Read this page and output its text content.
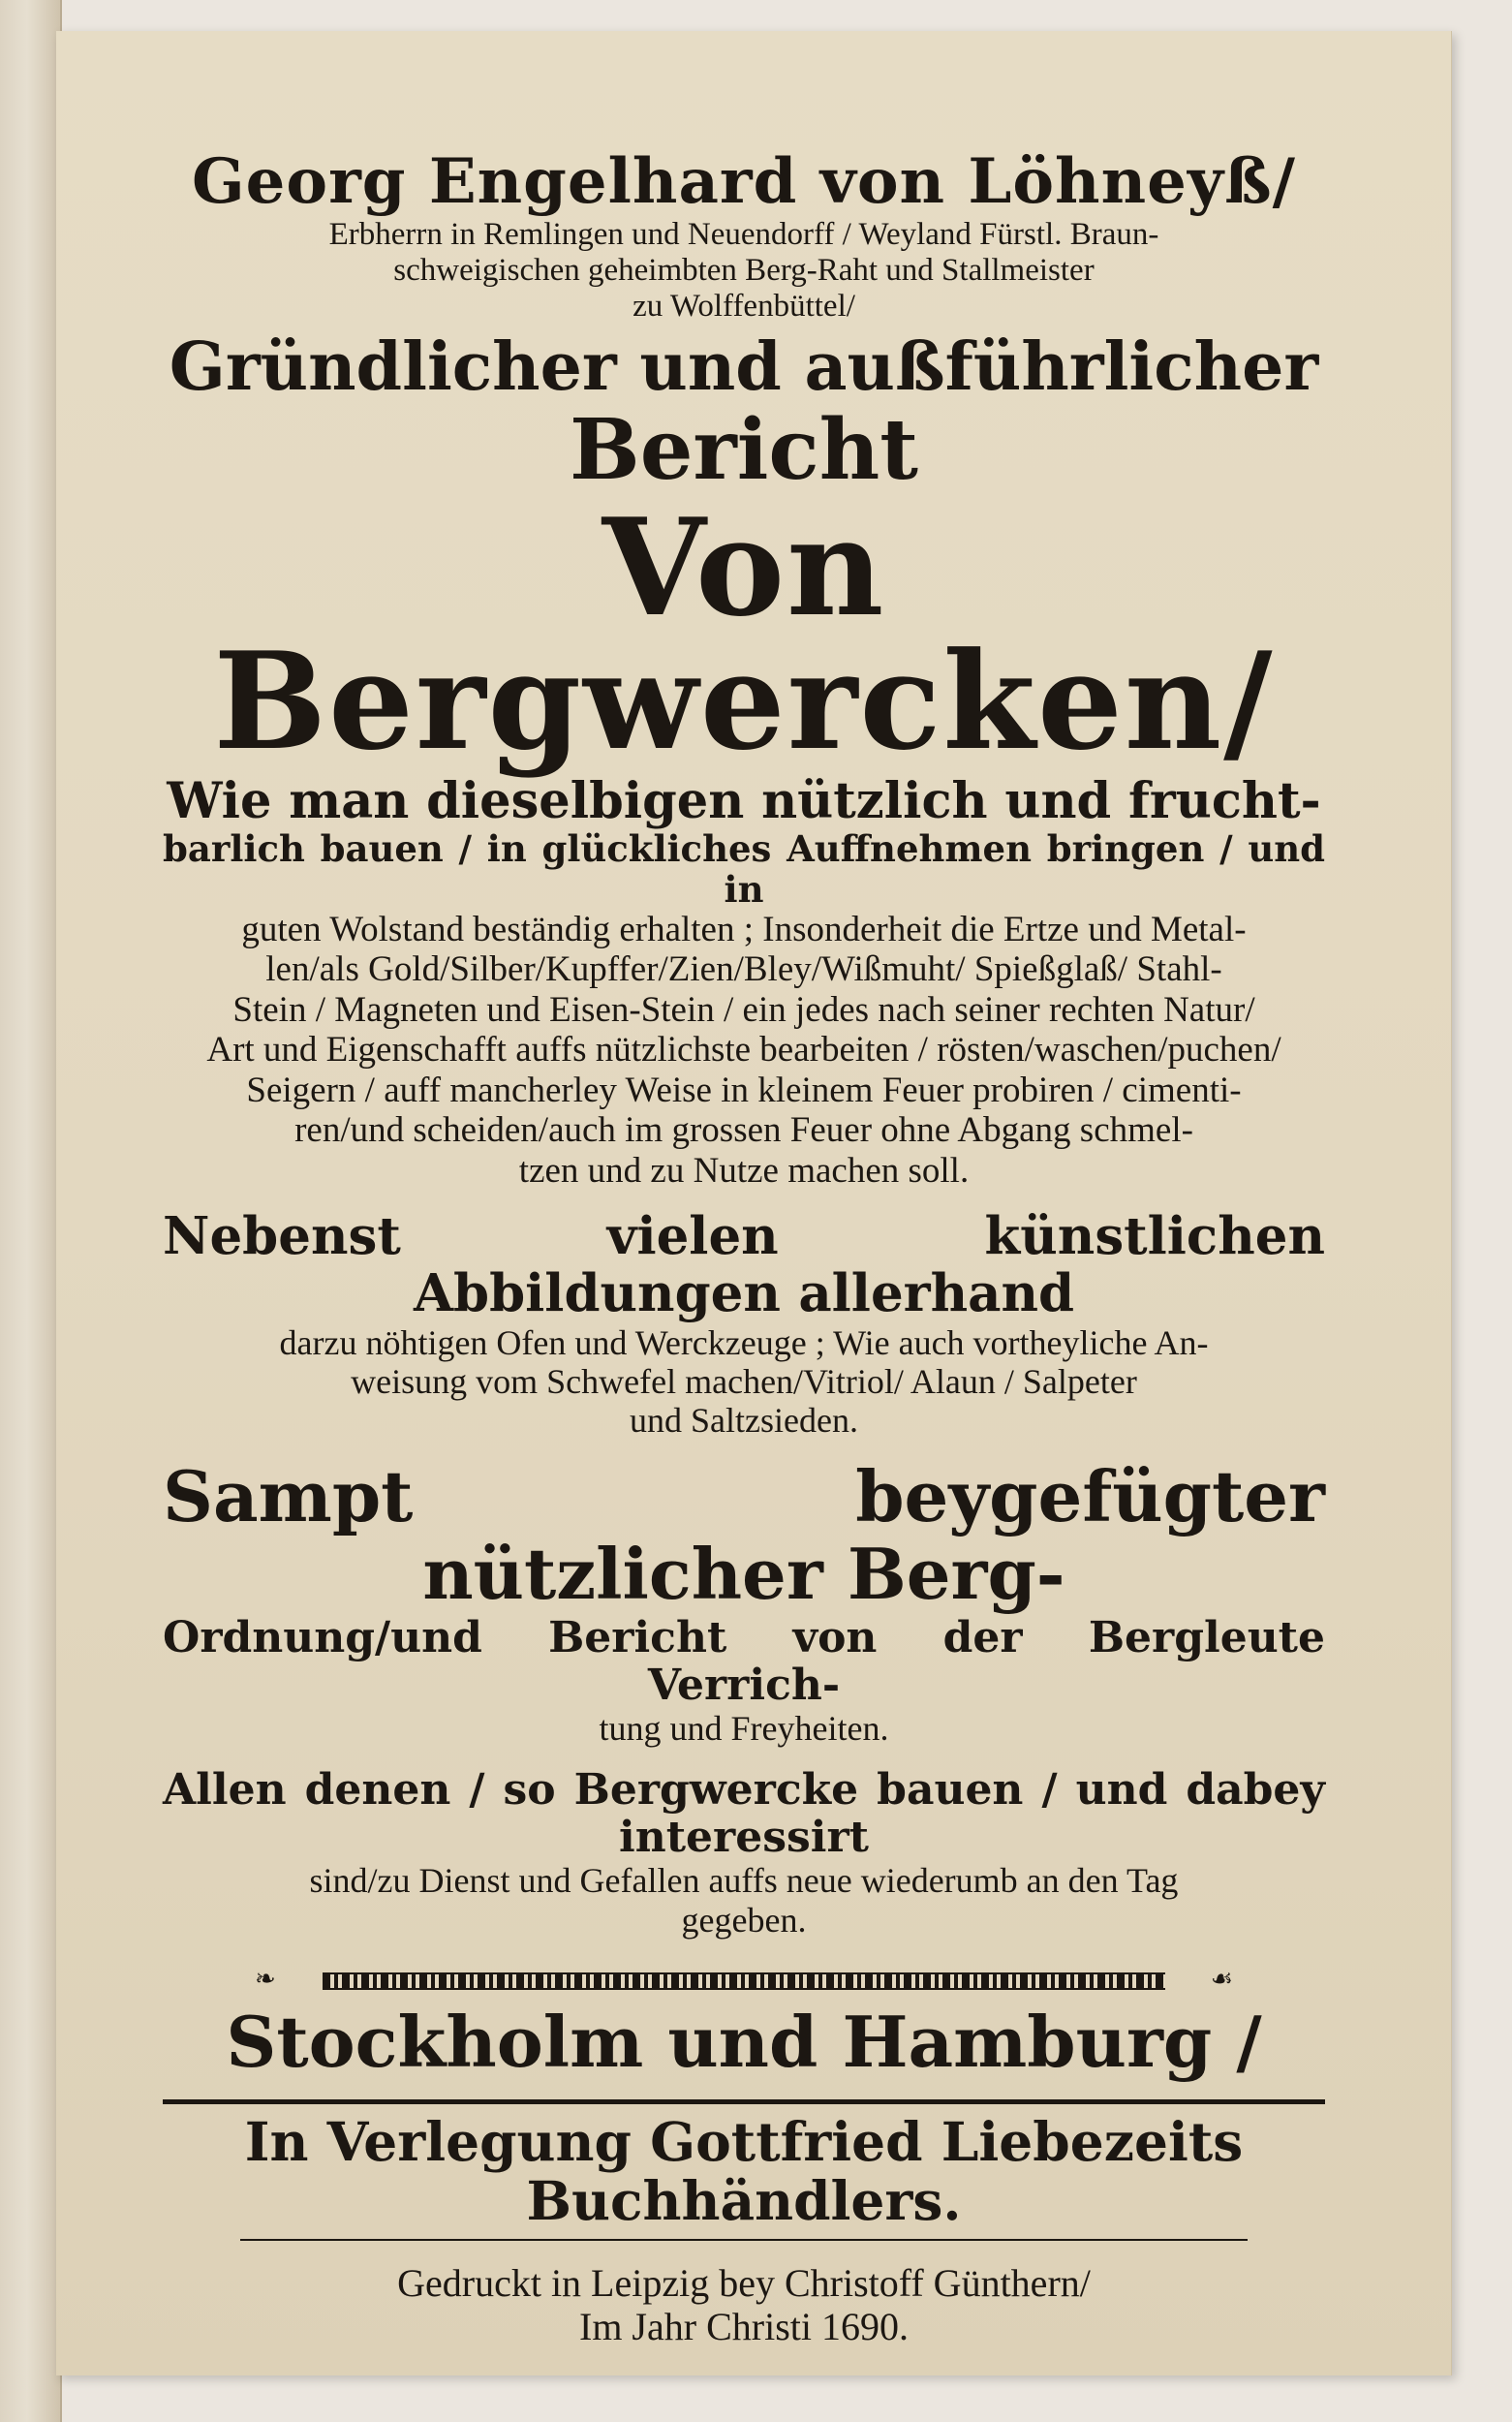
Georg Engelhard von Löhneyß/

Erbherrn in Remlingen und Neuendorff / Weyland Fürstl. Braun-

schweigischen geheimbten Berg-Raht und Stallmeister

zu Wolffenbüttel/

Gründlicher und außführlicher

Bericht

Von Bergwercken/

Wie man dieselbigen nützlich und frucht-

barlich bauen / in glückliches Auffnehmen bringen / und in

guten Wolstand beständig erhalten ; Insonderheit die Ertze und Metal-

len/als Gold/Silber/Kupffer/Zien/Bley/Wißmuht/ Spießglaß/ Stahl-

Stein / Magneten und Eisen-Stein / ein jedes nach seiner rechten Natur/

Art und Eigenschafft auffs nützlichste bearbeiten / rösten/waschen/puchen/

Seigern / auff mancherley Weise in kleinem Feuer probiren / cimenti-

ren/und scheiden/auch im grossen Feuer ohne Abgang schmel-

tzen und zu Nutze machen soll.

Nebenst vielen künstlichen Abbildungen allerhand

darzu nöhtigen Ofen und Werckzeuge ; Wie auch vortheyliche An-

weisung vom Schwefel machen/Vitriol/ Alaun / Salpeter

und Saltzsieden.

Sampt beygefügter nützlicher Berg-

Ordnung/und Bericht von der Bergleute Verrich-

tung und Freyheiten.

Allen denen / so Bergwercke bauen / und dabey interessirt

sind/zu Dienst und Gefallen auffs neue wiederumb an den Tag

gegeben.

❧	☙

Stockholm und Hamburg /

In Verlegung Gottfried Liebezeits Buchhändlers.

Gedruckt in Leipzig bey Christoff Günthern/

Im Jahr Christi 1690.
